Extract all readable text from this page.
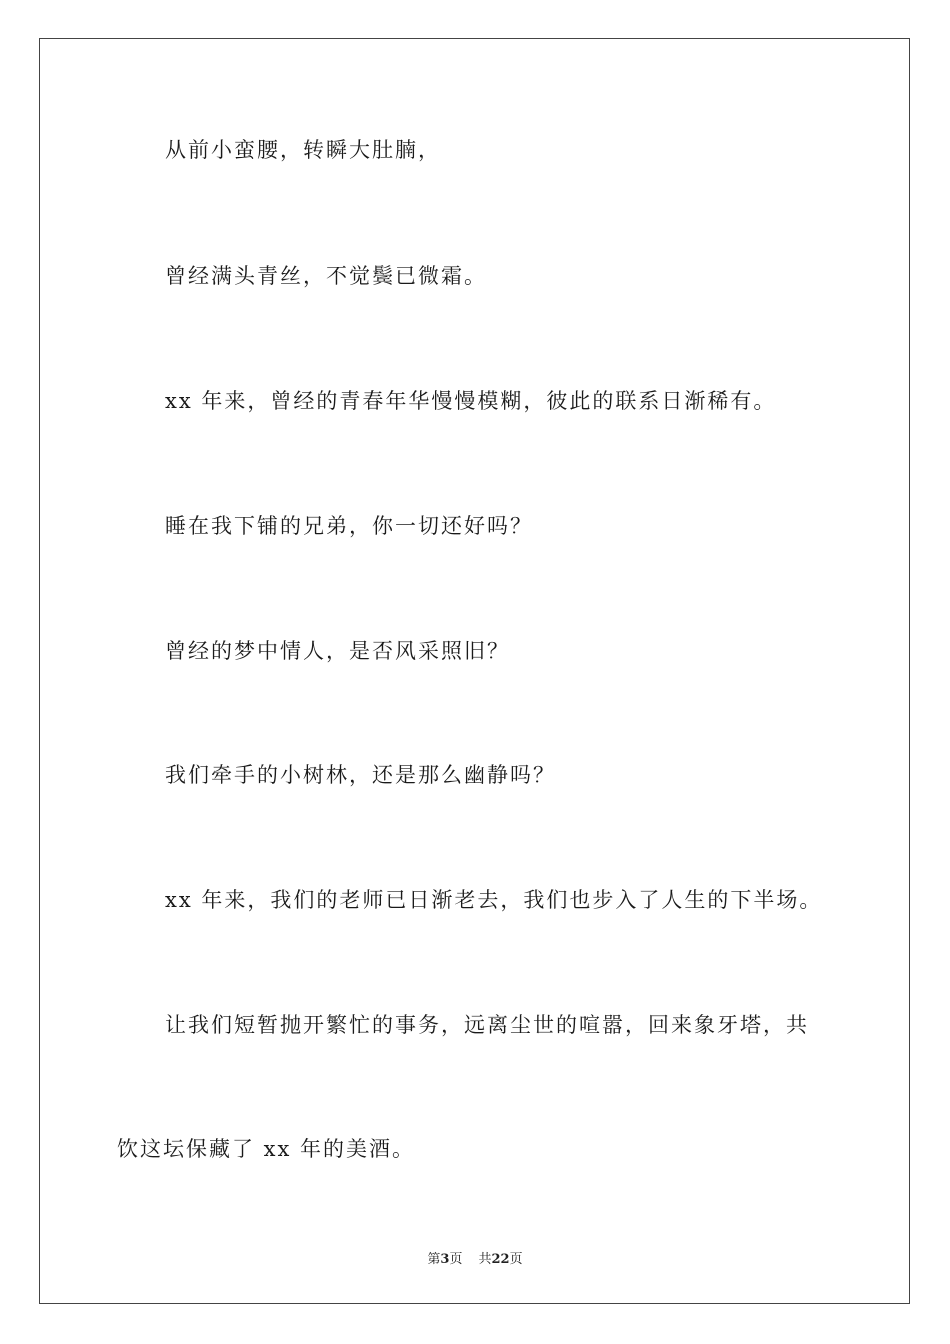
从前小蛮腰，转瞬大肚腩，
曾经满头青丝，不觉鬓已微霜。
xx 年来，曾经的青春年华慢慢模糊，彼此的联系日渐稀有。
睡在我下铺的兄弟，你一切还好吗？
曾经的梦中情人，是否风采照旧？
我们牵手的小树林，还是那么幽静吗？
xx 年来，我们的老师已日渐老去，我们也步入了人生的下半场。
让我们短暂抛开繁忙的事务，远离尘世的喧嚣，回来象牙塔，共
饮这坛保藏了 xx 年的美酒。
第3页 共22页
